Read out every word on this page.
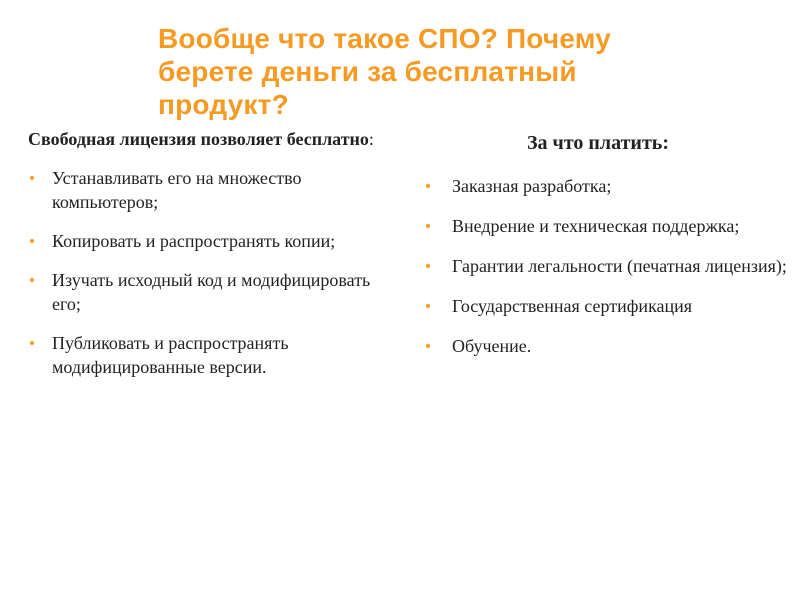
Вообще что такое СПО? Почему
берете деньги за бесплатный
продукт?
Свободная лицензия позволяет бесплатно:
Устанавливать его на множество компьютеров;
Копировать и распространять копии;
Изучать исходный код и модифицировать его;
Публиковать и распространять модифицированные версии.
За что платить:
Заказная разработка;
Внедрение и техническая поддержка;
Гарантии легальности (печатная лицензия);
Государственная сертификация
Обучение.
